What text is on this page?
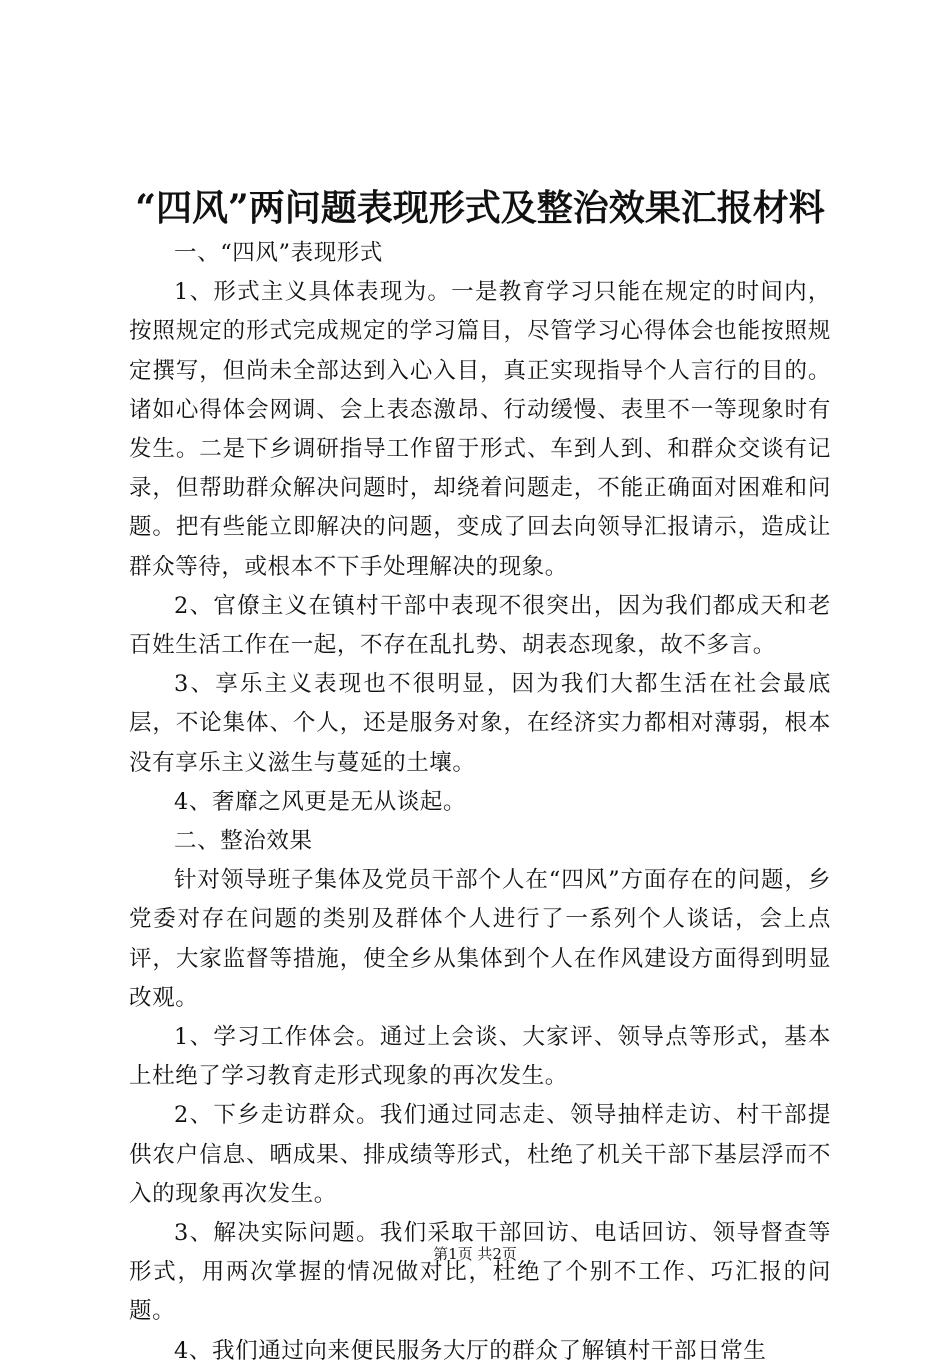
“四风”两问题表现形式及整治效果汇报材料

一、“四风”表现形式

1、形式主义具体表现为。一是教育学习只能在规定的时间内，按照规定的形式完成规定的学习篇目，尽管学习心得体会也能按照规定撰写，但尚未全部达到入心入目，真正实现指导个人言行的目的。诸如心得体会网调、会上表态激昂、行动缓慢、表里不一等现象时有发生。二是下乡调研指导工作留于形式、车到人到、和群众交谈有记录，但帮助群众解决问题时，却绕着问题走，不能正确面对困难和问题。把有些能立即解决的问题，变成了回去向领导汇报请示，造成让群众等待，或根本不下手处理解决的现象。

2、官僚主义在镇村干部中表现不很突出，因为我们都成天和老百姓生活工作在一起，不存在乱扎势、胡表态现象，故不多言。

3、享乐主义表现也不很明显，因为我们大都生活在社会最底层，不论集体、个人，还是服务对象，在经济实力都相对薄弱，根本没有享乐主义滋生与蔓延的土壤。

4、奢靡之风更是无从谈起。

二、整治效果

针对领导班子集体及党员干部个人在“四风”方面存在的问题，乡党委对存在问题的类别及群体个人进行了一系列个人谈话，会上点评，大家监督等措施，使全乡从集体到个人在作风建设方面得到明显改观。

1、学习工作体会。通过上会谈、大家评、领导点等形式，基本上杜绝了学习教育走形式现象的再次发生。

2、下乡走访群众。我们通过同志走、领导抽样走访、村干部提供农户信息、晒成果、排成绩等形式，杜绝了机关干部下基层浮而不入的现象再次发生。

3、解决实际问题。我们采取干部回访、电话回访、领导督查等形式，用两次掌握的情况做对比，杜绝了个别不工作、巧汇报的问题。

4、我们通过向来便民服务大厅的群众了解镇村干部日常生

第1页 共2页
